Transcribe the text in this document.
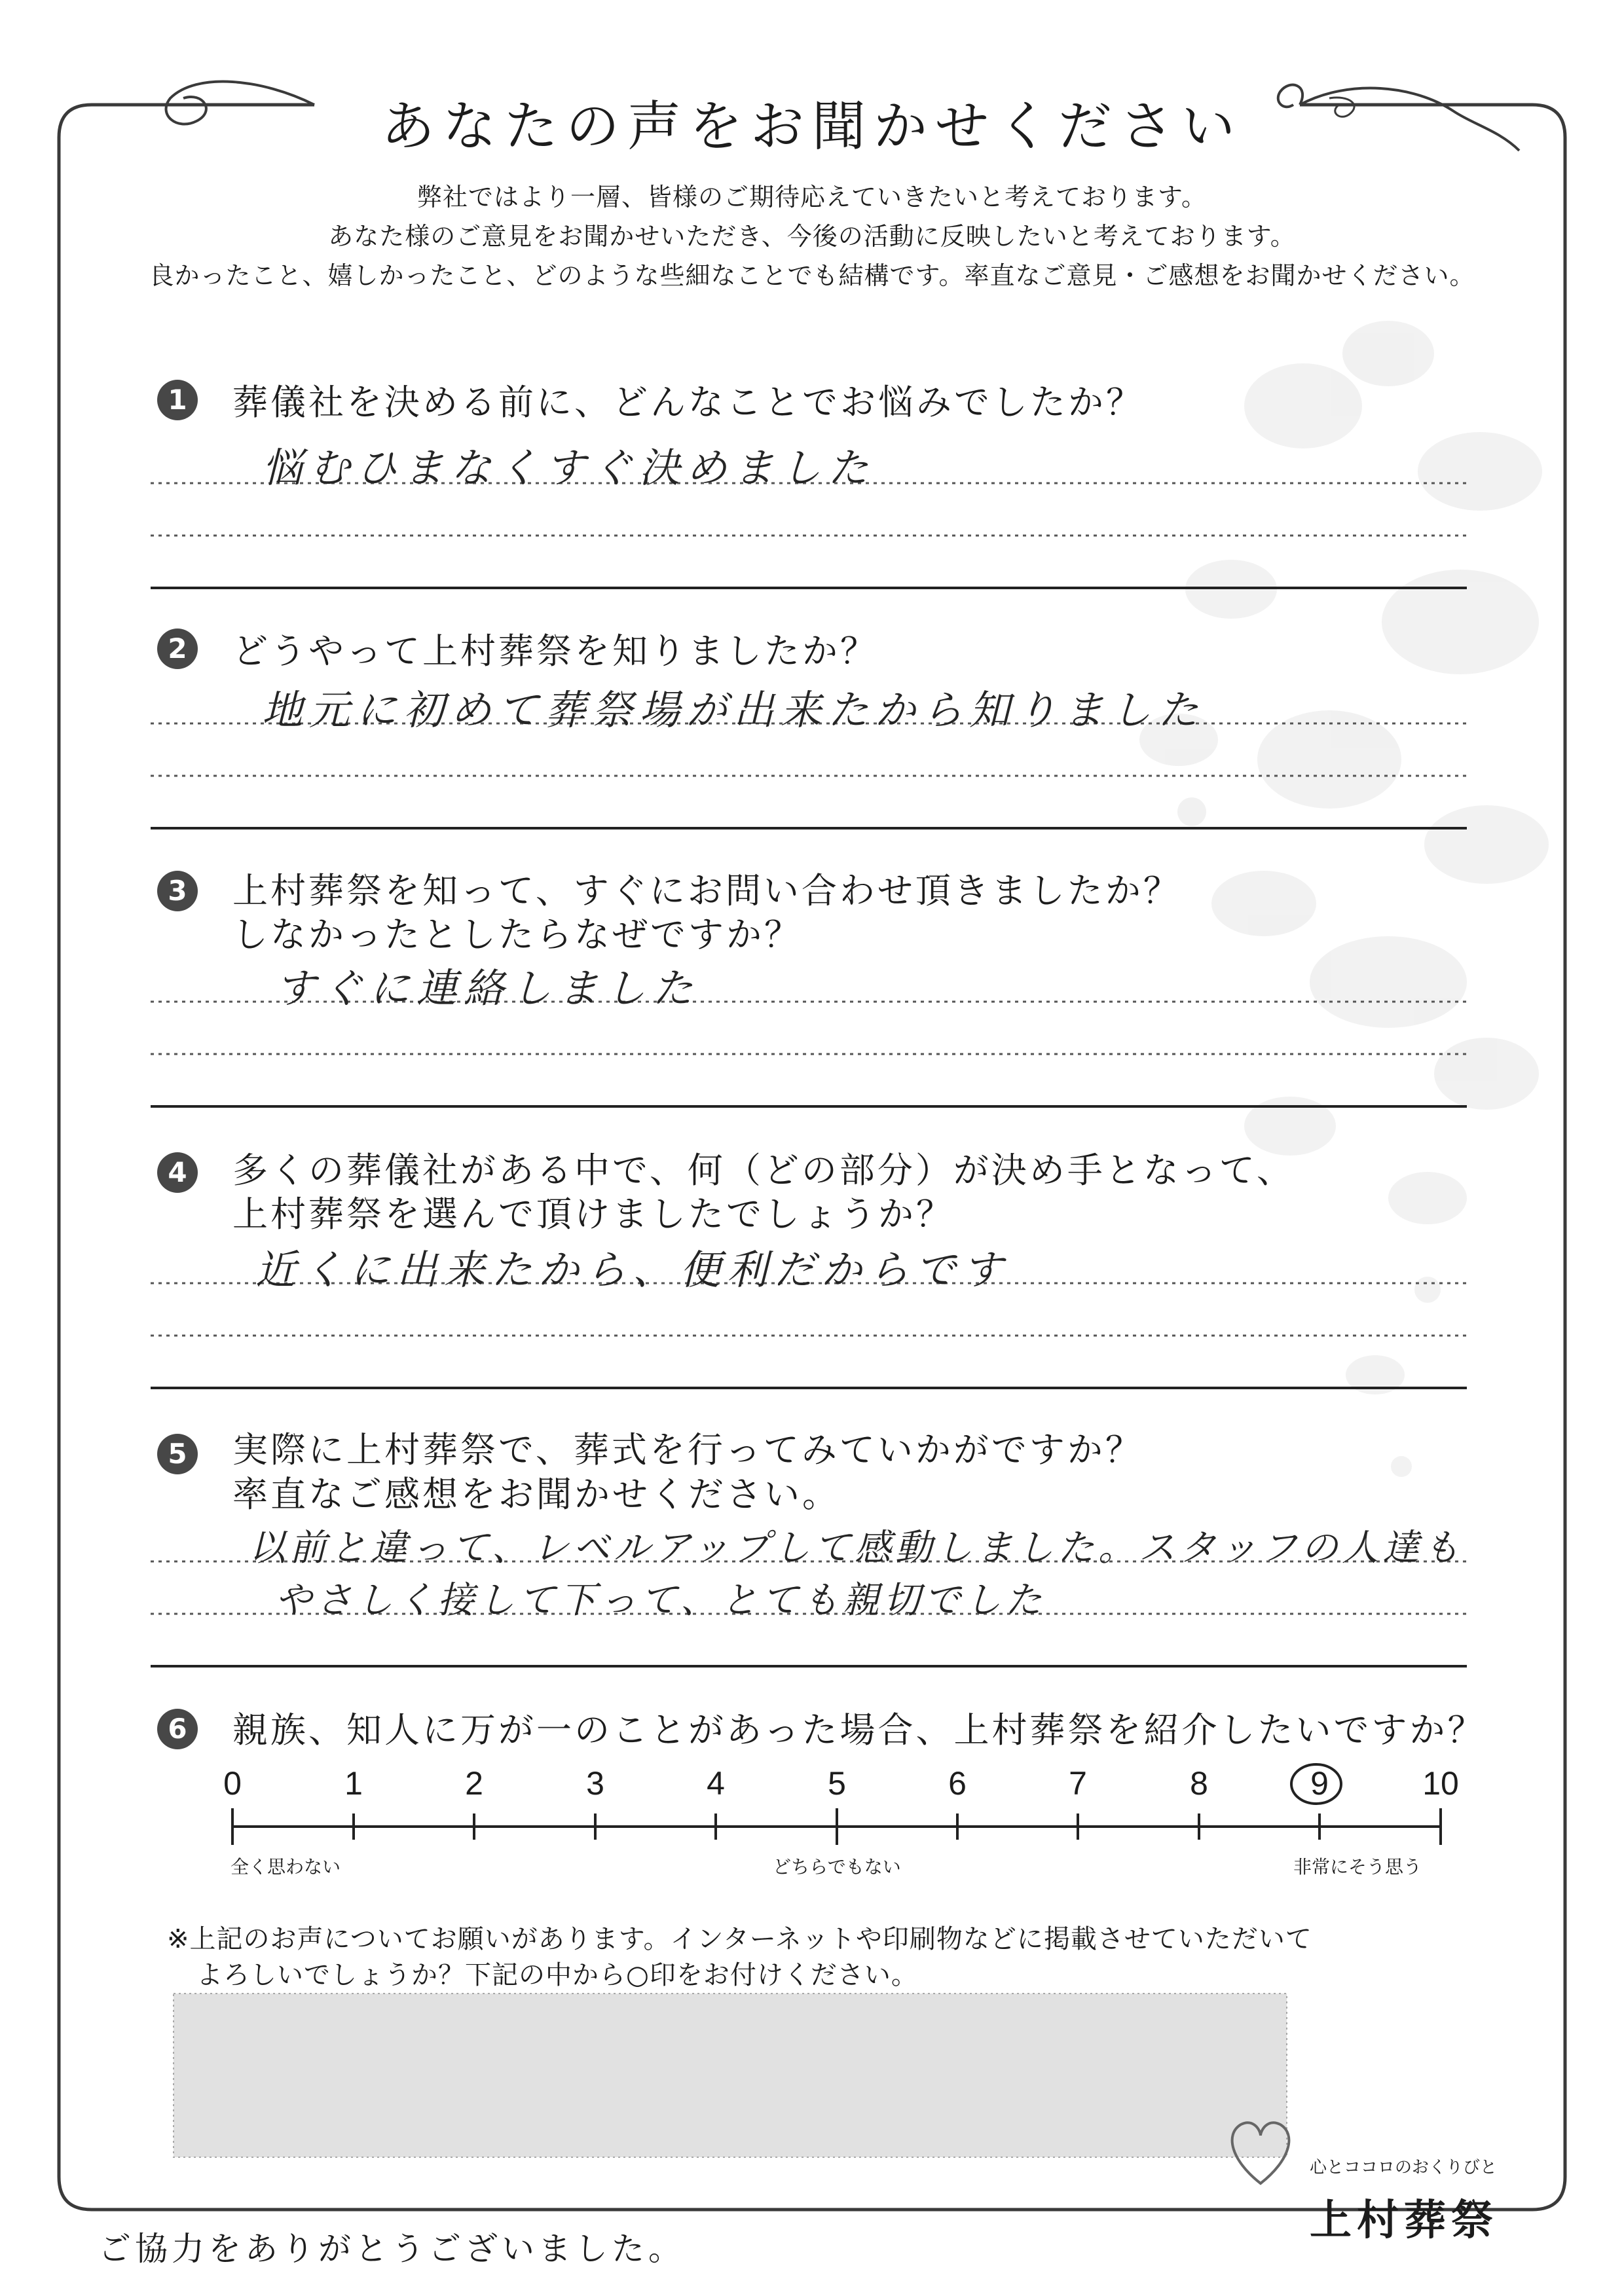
あなたの声をお聞かせください
弊社ではより一層、皆様のご期待応えていきたいと考えております。
あなた様のご意見をお聞かせいただき、今後の活動に反映したいと考えております。
良かったこと、嬉しかったこと、どのような些細なことでも結構です。率直なご意見・ご感想をお聞かせください。
1	葬儀社を決める前に、どんなことでお悩みでしたか？
悩むひまなくすぐ決めました
2	どうやって上村葬祭を知りましたか？
地元に初めて葬祭場が出来たから知りました
3	上村葬祭を知って、すぐにお問い合わせ頂きましたか？
しなかったとしたらなぜですか？
すぐに連絡しました
4	多くの葬儀社がある中で、何（どの部分）が決め手となって、
上村葬祭を選んで頂けましたでしょうか？
近くに出来たから、便利だからです
5	実際に上村葬祭で、葬式を行ってみていかがですか？
率直なご感想をお聞かせください。
以前と違って、レベルアップして感動しました。スタッフの人達も
やさしく接して下って、とても親切でした
6	親族、知人に万が一のことがあった場合、上村葬祭を紹介したいですか？
0	1	2	3	4	5	6	7	8	9	10
全く思わない	どちらでもない	非常にそう思う
※上記のお声についてお願いがあります。インターネットや印刷物などに掲載させていただいて
よろしいでしょうか？下記の中から○印をお付けください。
ご協力をありがとうございました。
心とココロのおくりびと
上村葬祭
